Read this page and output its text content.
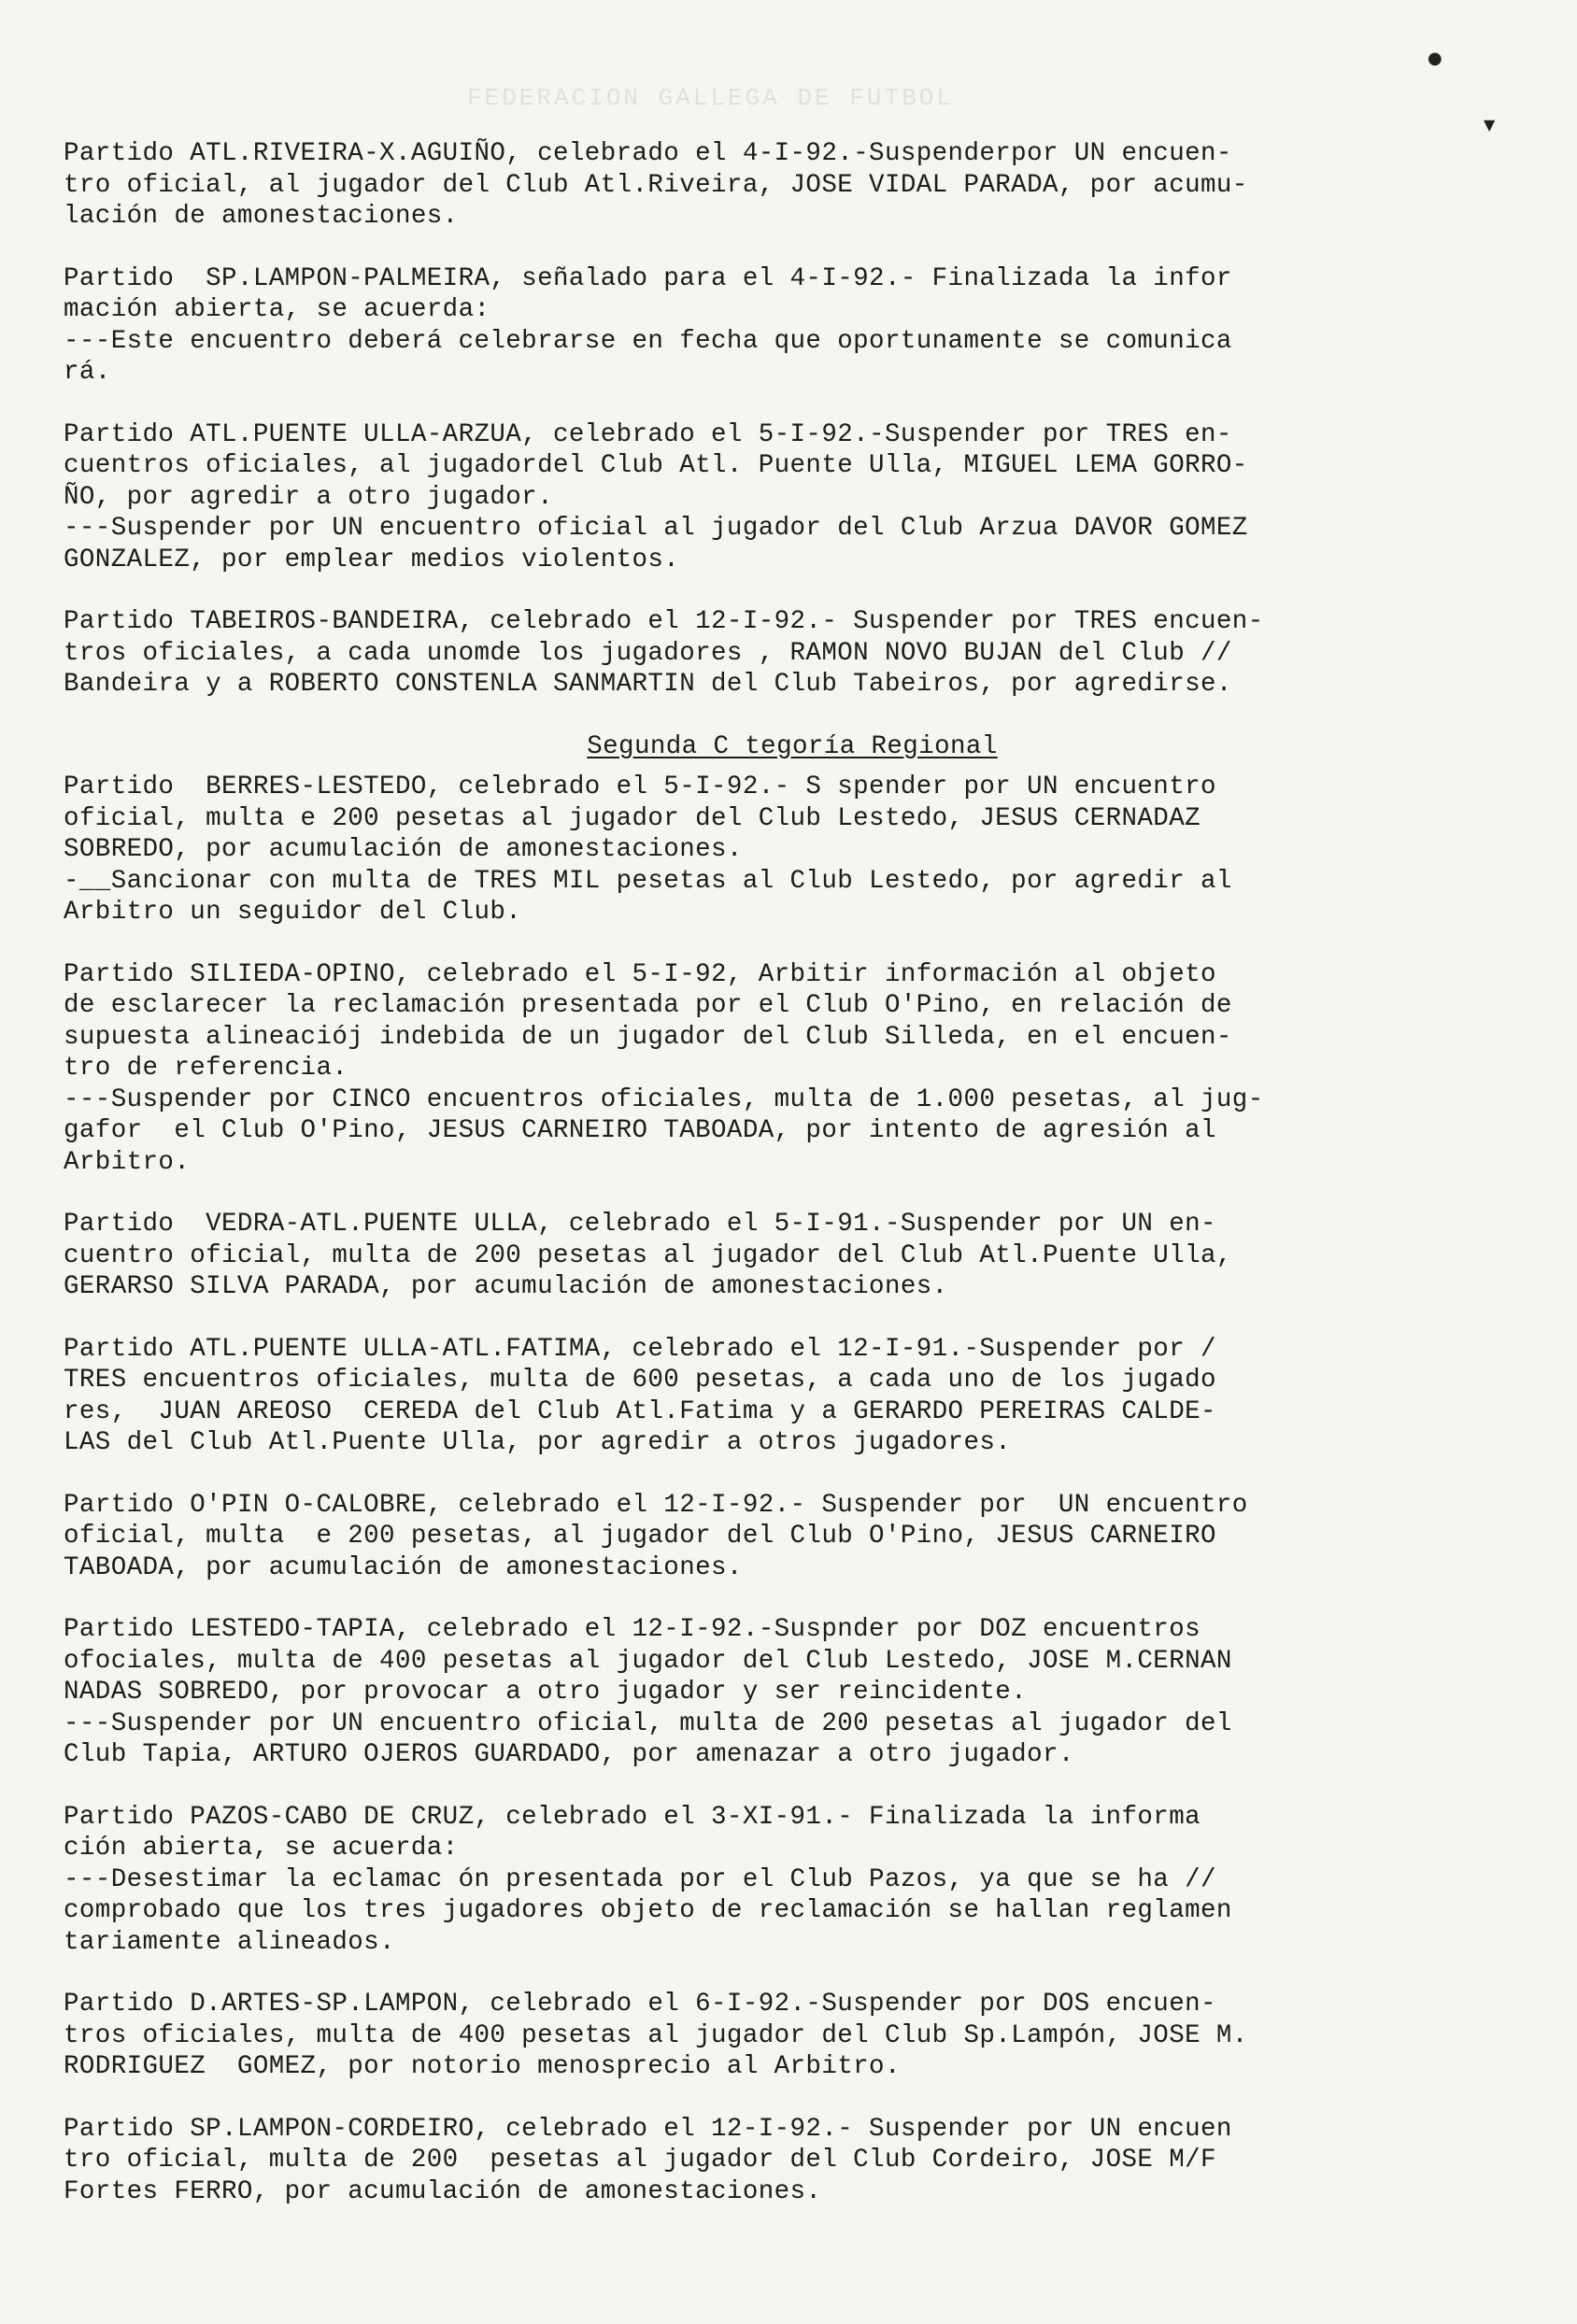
FEDERACION GALLEGA DE FUTBOL
●
▼
Partido ATL.RIVEIRA-X.AGUIÑO, celebrado el 4-I-92.-Suspenderpor UN encuen-
tro oficial, al jugador del Club Atl.Riveira, JOSE VIDAL PARADA, por acumu-
lación de amonestaciones.
Partido  SP.LAMPON-PALMEIRA, señalado para el 4-I-92.- Finalizada la infor
mación abierta, se acuerda:
---Este encuentro deberá celebrarse en fecha que oportunamente se comunica
rá.
Partido ATL.PUENTE ULLA-ARZUA, celebrado el 5-I-92.-Suspender por TRES en-
cuentros oficiales, al jugadordel Club Atl. Puente Ulla, MIGUEL LEMA GORRO-
ÑO, por agredir a otro jugador.
---Suspender por UN encuentro oficial al jugador del Club Arzua DAVOR GOMEZ
GONZALEZ, por emplear medios violentos.
Partido TABEIROS-BANDEIRA, celebrado el 12-I-92.- Suspender por TRES encuen-
tros oficiales, a cada unomde los jugadores , RAMON NOVO BUJAN del Club //
Bandeira y a ROBERTO CONSTENLA SANMARTIN del Club Tabeiros, por agredirse.
Segunda C tegoría Regional
Partido  BERRES-LESTEDO, celebrado el 5-I-92.- S spender por UN encuentro
oficial, multa e 200 pesetas al jugador del Club Lestedo, JESUS CERNADAZ
SOBREDO, por acumulación de amonestaciones.
-__Sancionar con multa de TRES MIL pesetas al Club Lestedo, por agredir al
Arbitro un seguidor del Club.
Partido SILIEDA-OPINO, celebrado el 5-I-92, Arbitir información al objeto
de esclarecer la reclamación presentada por el Club O'Pino, en relación de
supuesta alineaciój indebida de un jugador del Club Silleda, en el encuen-
tro de referencia.
---Suspender por CINCO encuentros oficiales, multa de 1.000 pesetas, al jug-
gafor  el Club O'Pino, JESUS CARNEIRO TABOADA, por intento de agresión al
Arbitro.
Partido  VEDRA-ATL.PUENTE ULLA, celebrado el 5-I-91.-Suspender por UN en-
cuentro oficial, multa de 200 pesetas al jugador del Club Atl.Puente Ulla,
GERARSO SILVA PARADA, por acumulación de amonestaciones.
Partido ATL.PUENTE ULLA-ATL.FATIMA, celebrado el 12-I-91.-Suspender por /
TRES encuentros oficiales, multa de 600 pesetas, a cada uno de los jugado
res,  JUAN AREOSO  CEREDA del Club Atl.Fatima y a GERARDO PEREIRAS CALDE-
LAS del Club Atl.Puente Ulla, por agredir a otros jugadores.
Partido O'PIN O-CALOBRE, celebrado el 12-I-92.- Suspender por  UN encuentro
oficial, multa  e 200 pesetas, al jugador del Club O'Pino, JESUS CARNEIRO
TABOADA, por acumulación de amonestaciones.
Partido LESTEDO-TAPIA, celebrado el 12-I-92.-Suspnder por DOZ encuentros
ofociales, multa de 400 pesetas al jugador del Club Lestedo, JOSE M.CERNAN
NADAS SOBREDO, por provocar a otro jugador y ser reincidente.
---Suspender por UN encuentro oficial, multa de 200 pesetas al jugador del
Club Tapia, ARTURO OJEROS GUARDADO, por amenazar a otro jugador.
Partido PAZOS-CABO DE CRUZ, celebrado el 3-XI-91.- Finalizada la informa
ción abierta, se acuerda:
---Desestimar la eclamac ón presentada por el Club Pazos, ya que se ha //
comprobado que los tres jugadores objeto de reclamación se hallan reglamen
tariamente alineados.
Partido D.ARTES-SP.LAMPON, celebrado el 6-I-92.-Suspender por DOS encuen-
tros oficiales, multa de 400 pesetas al jugador del Club Sp.Lampón, JOSE M.
RODRIGUEZ  GOMEZ, por notorio menosprecio al Arbitro.
Partido SP.LAMPON-CORDEIRO, celebrado el 12-I-92.- Suspender por UN encuen
tro oficial, multa de 200  pesetas al jugador del Club Cordeiro, JOSE M/F
Fortes FERRO, por acumulación de amonestaciones.
